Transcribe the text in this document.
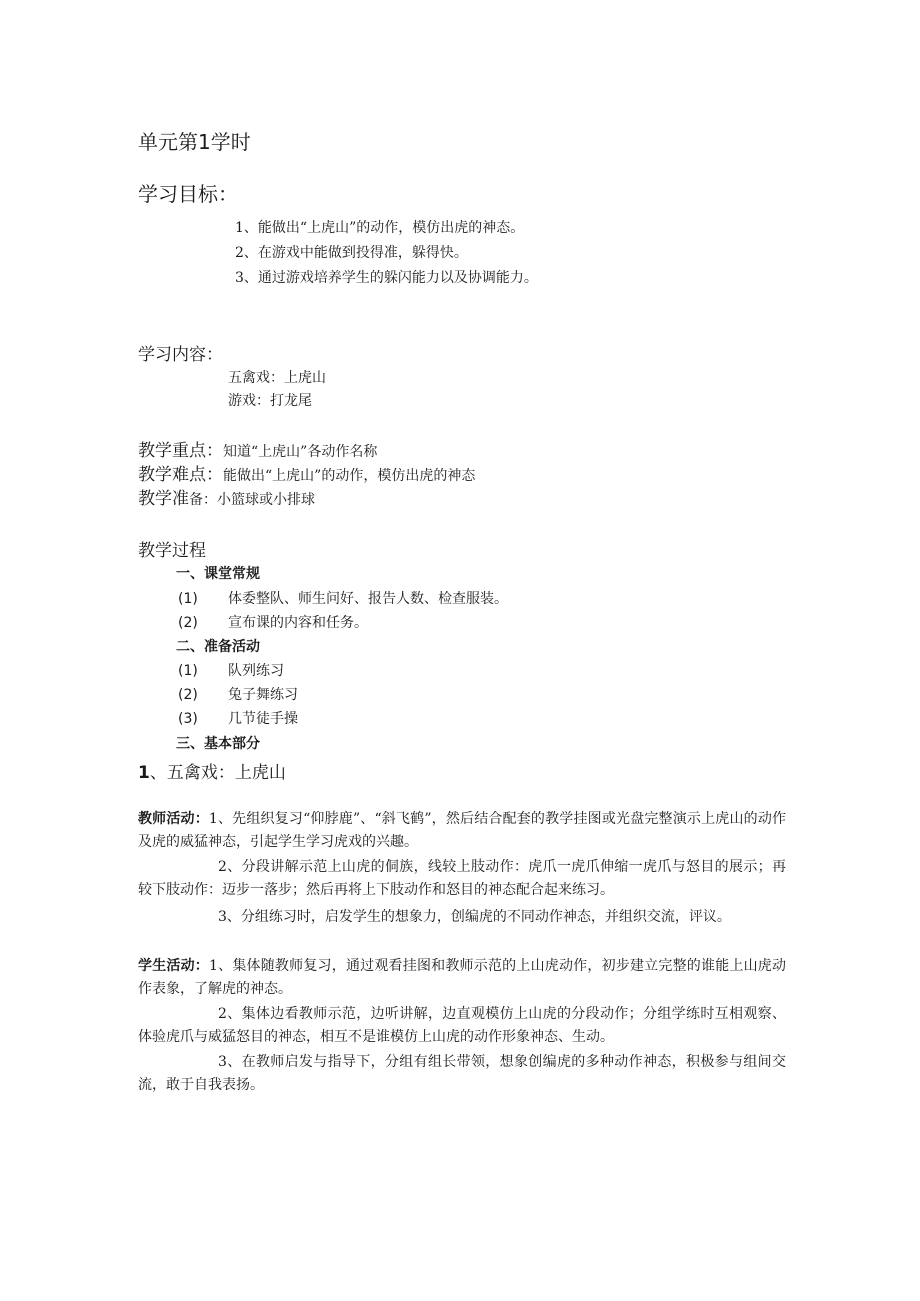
单元第1学时
学习目标：
1、能做出“上虎山”的动作，模仿出虎的神态。
2、在游戏中能做到投得准，躲得快。
3、通过游戏培养学生的躲闪能力以及协调能力。
学习内容：
五禽戏：上虎山
游戏：打龙尾
教学重点：知道“上虎山”各动作名称
教学难点：能做出“上虎山”的动作，模仿出虎的神态
教学准备：小篮球或小排球
教学过程
一、课堂常规
(1) 体委整队、师生问好、报告人数、检查服装。
(2) 宣布课的内容和任务。
二、准备活动
(1) 队列练习
(2) 兔子舞练习
(3) 几节徒手操
三、基本部分
1、五禽戏：上虎山
教师活动：1、先组织复习“仰脖鹿”、“斜飞鹤”，然后结合配套的教学挂图或光盘完整演示上虎山的动作及虎的威猛神态，引起学生学习虎戏的兴趣。
2、分段讲解示范上山虎的侗族，线较上肢动作：虎爪一虎爪伸缩一虎爪与怒目的展示；再较下肢动作：迈步一落步；然后再将上下肢动作和怒目的神态配合起来练习。
3、分组练习时，启发学生的想象力，创编虎的不同动作神态，并组织交流，评议。
学生活动：1、集体随教师复习，通过观看挂图和教师示范的上山虎动作，初步建立完整的谁能上山虎动作表象，了解虎的神态。
2、集体边看教师示范，边听讲解，边直观模仿上山虎的分段动作；分组学练时互相观察、体验虎爪与威猛怒目的神态，相互不是谁模仿上山虎的动作形象神态、生动。
3、在教师启发与指导下，分组有组长带领，想象创编虎的多种动作神态，积极参与组间交流，敢于自我表扬。
